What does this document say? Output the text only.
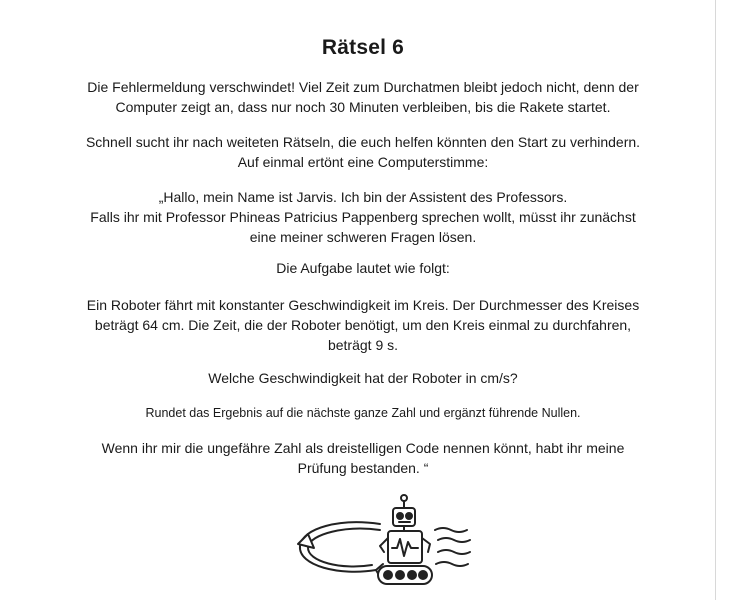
Rätsel 6

Die Fehlermeldung verschwindet! Viel Zeit zum Durchatmen bleibt jedoch nicht, denn der
Computer zeigt an, dass nur noch 30 Minuten verbleiben, bis die Rakete startet.

Schnell sucht ihr nach weiteten Rätseln, die euch helfen könnten den Start zu verhindern.
Auf einmal ertönt eine Computerstimme:

„Hallo, mein Name ist Jarvis. Ich bin der Assistent des Professors.
Falls ihr mit Professor Phineas Patricius Pappenberg sprechen wollt, müsst ihr zunächst
eine meiner schweren Fragen lösen.

Die Aufgabe lautet wie folgt:

Ein Roboter fährt mit konstanter Geschwindigkeit im Kreis. Der Durchmesser des Kreises
beträgt 64 cm. Die Zeit, die der Roboter benötigt, um den Kreis einmal zu durchfahren,
beträgt 9 s.

Welche Geschwindigkeit hat der Roboter in cm/s?

Rundet das Ergebnis auf die nächste ganze Zahl und ergänzt führende Nullen.

Wenn ihr mir die ungefähre Zahl als dreistelligen Code nennen könnt, habt ihr meine
Prüfung bestanden. “
